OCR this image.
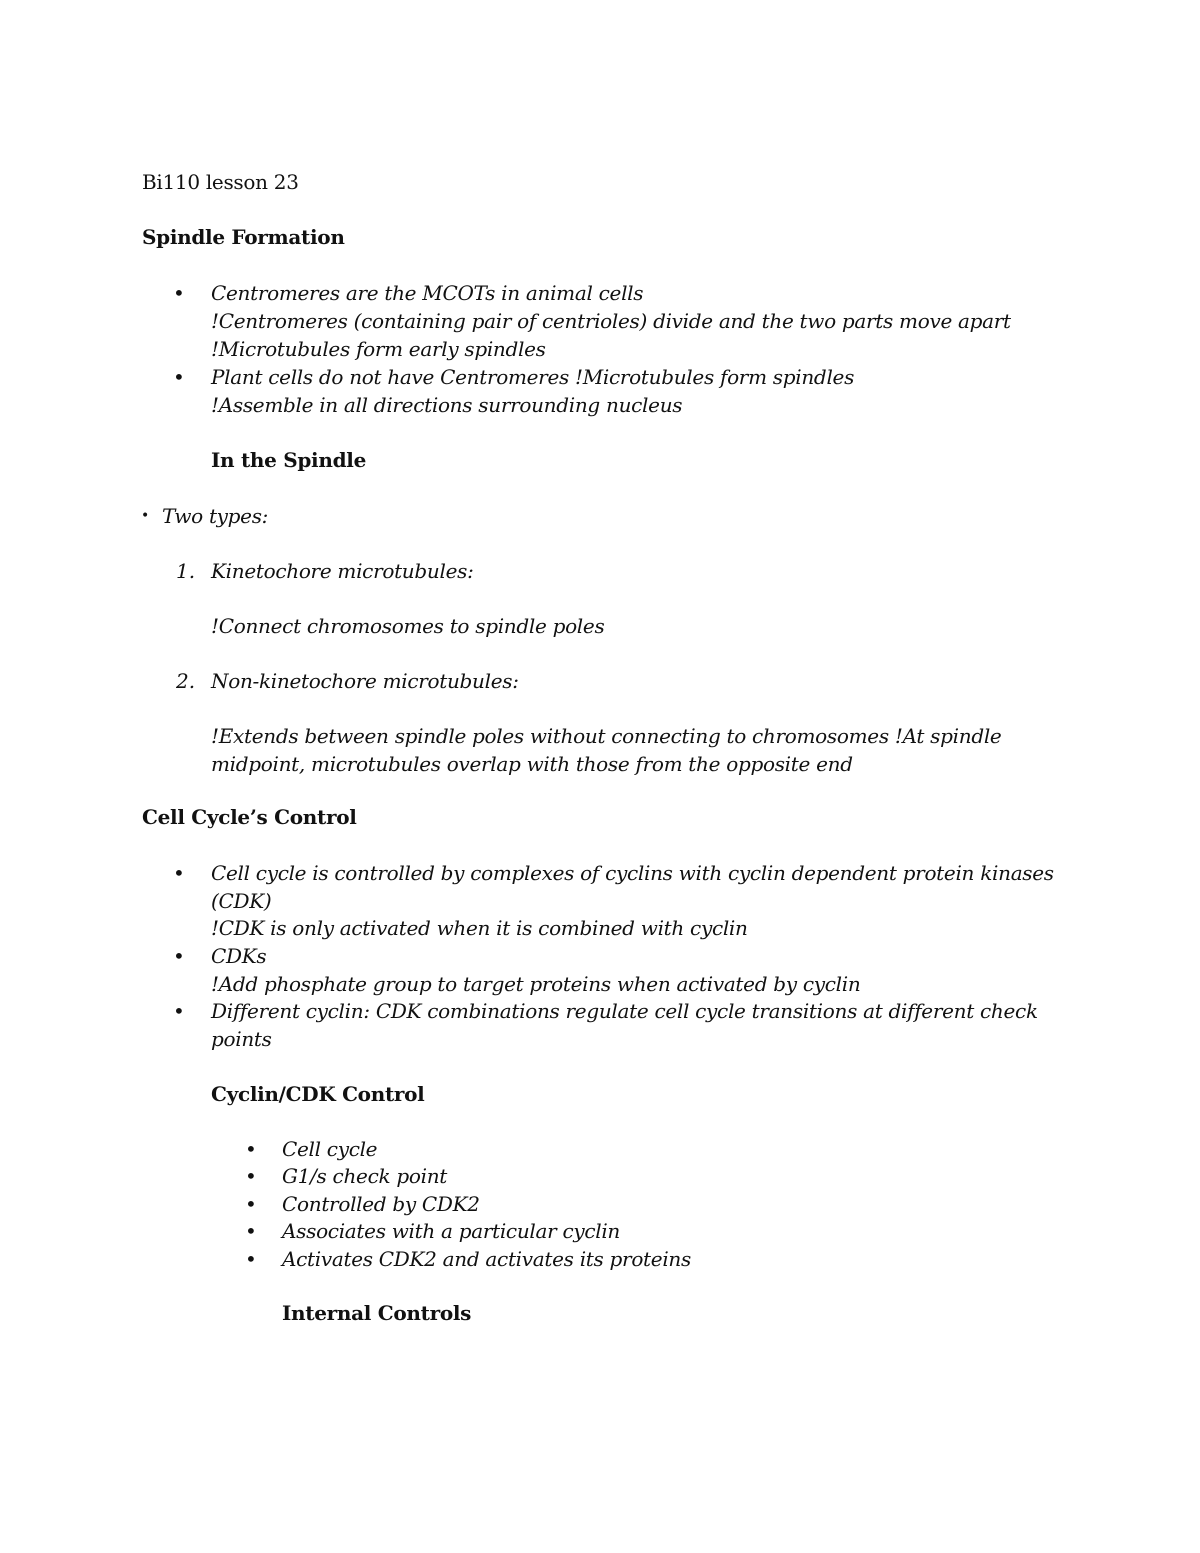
Bi110 lesson 23
Spindle Formation
• Centromeres are the MCOTs in animal cells
!Centromeres (containing pair of centrioles) divide and the two parts move apart
!Microtubules form early spindles
• Plant cells do not have Centromeres !Microtubules form spindles
!Assemble in all directions surrounding nucleus
In the Spindle
• Two types:
1. Kinetochore microtubules:
!Connect chromosomes to spindle poles
2. Non-kinetochore microtubules:
!Extends between spindle poles without connecting to chromosomes !At spindle
midpoint, microtubules overlap with those from the opposite end
Cell Cycle’s Control
• Cell cycle is controlled by complexes of cyclins with cyclin dependent protein kinases
(CDK)
!CDK is only activated when it is combined with cyclin
• CDKs
!Add phosphate group to target proteins when activated by cyclin
• Different cyclin: CDK combinations regulate cell cycle transitions at different check
points
Cyclin/CDK Control
• Cell cycle
• G1/s check point
• Controlled by CDK2
• Associates with a particular cyclin
• Activates CDK2 and activates its proteins
Internal Controls
